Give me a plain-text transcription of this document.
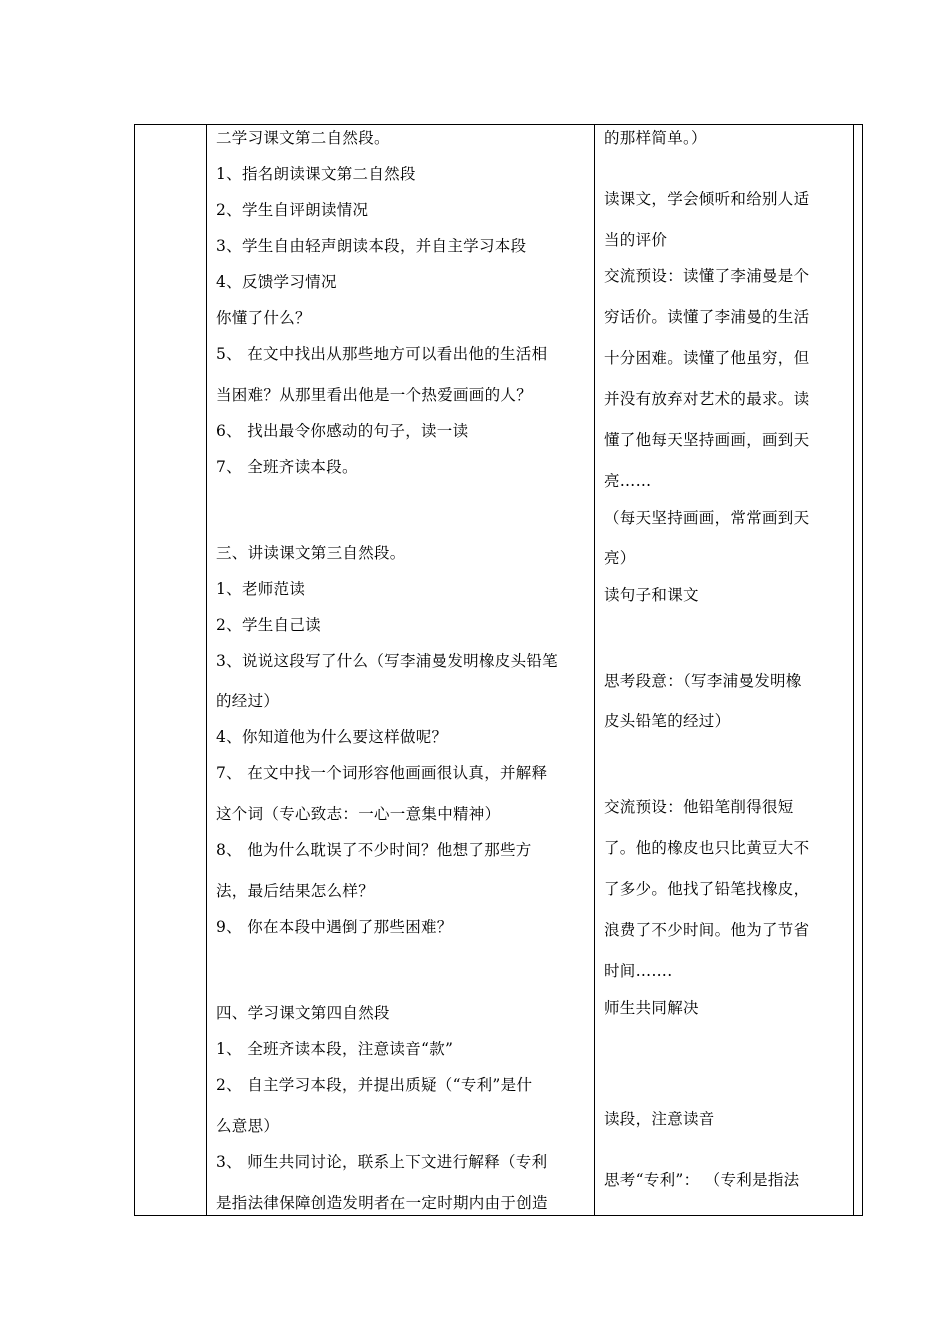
二学习课文第二自然段。
1、指名朗读课文第二自然段
2、学生自评朗读情况
3、学生自由轻声朗读本段，并自主学习本段
4、反馈学习情况
你懂了什么？
5、 在文中找出从那些地方可以看出他的生活相
当困难？从那里看出他是一个热爱画画的人？
6、 找出最令你感动的句子，读一读
7、 全班齐读本段。
三、讲读课文第三自然段。
1、老师范读
2、学生自己读
3、说说这段写了什么（写李浦曼发明橡皮头铅笔
的经过）
4、你知道他为什么要这样做呢？
7、 在文中找一个词形容他画画很认真，并解释
这个词（专心致志：一心一意集中精神）
8、 他为什么耽误了不少时间？他想了那些方
法，最后结果怎么样？
9、 你在本段中遇倒了那些困难？
四、学习课文第四自然段
1、 全班齐读本段，注意读音“款”
2、 自主学习本段，并提出质疑（“专利”是什
么意思）
3、 师生共同讨论，联系上下文进行解释（专利
是指法律保障创造发明者在一定时期内由于创造
的那样简单。）
读课文，学会倾听和给别人适
当的评价
交流预设：读懂了李浦曼是个
穷话价。读懂了李浦曼的生活
十分困难。读懂了他虽穷，但
并没有放弃对艺术的最求。读
懂了他每天坚持画画，画到天
亮……
（每天坚持画画，常常画到天
亮）
读句子和课文
思考段意：（写李浦曼发明橡
皮头铅笔的经过）
交流预设：他铅笔削得很短
了。他的橡皮也只比黄豆大不
了多少。他找了铅笔找橡皮，
浪费了不少时间。他为了节省
时间…….
师生共同解决
读段，注意读音
思考“专利”： （专利是指法
